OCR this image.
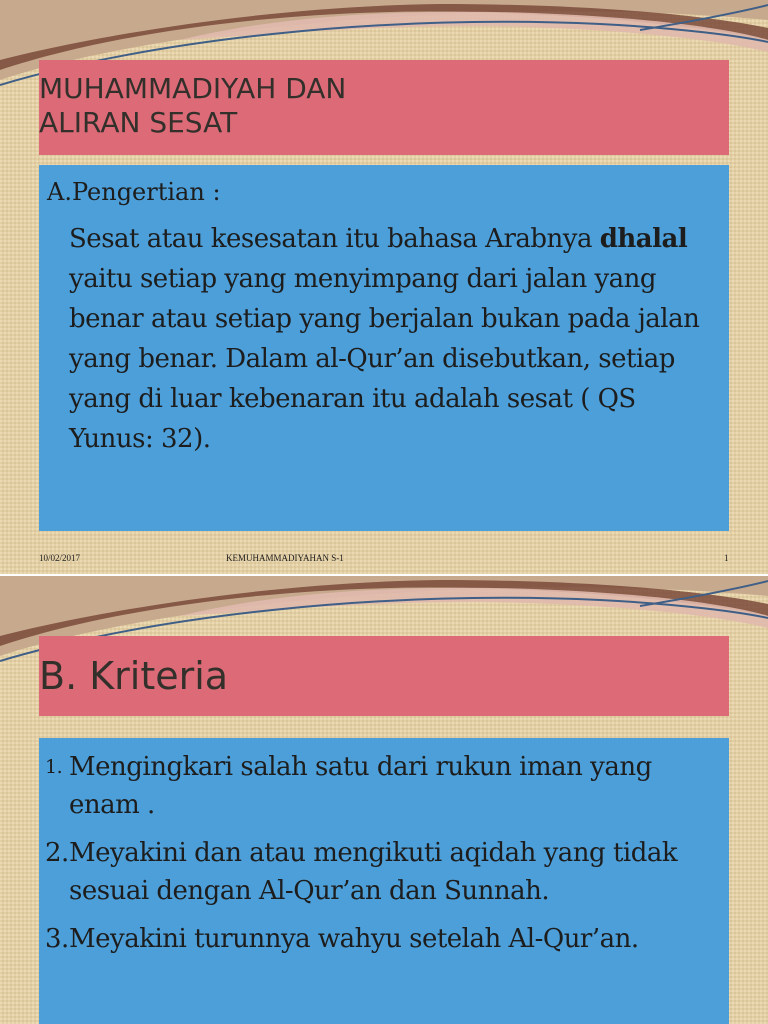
MUHAMMADIYAH DAN
ALIRAN SESAT

A.Pengertian :

Sesat atau kesesatan itu bahasa Arabnya dhalal yaitu setiap yang menyimpang dari jalan yang benar atau setiap yang berjalan bukan pada jalan yang benar. Dalam al-Qur’an disebutkan, setiap yang di luar kebenaran itu adalah sesat ( QS Yunus: 32).

10/02/2017	KEMUHAMMADIYAHAN S-1	1
B. Kriteria
1. Mengingkari salah satu dari rukun iman yang enam .
2. Meyakini dan atau mengikuti aqidah yang tidak sesuai dengan Al-Qur’an dan Sunnah.
3. Meyakini turunnya wahyu setelah Al-Qur’an.
